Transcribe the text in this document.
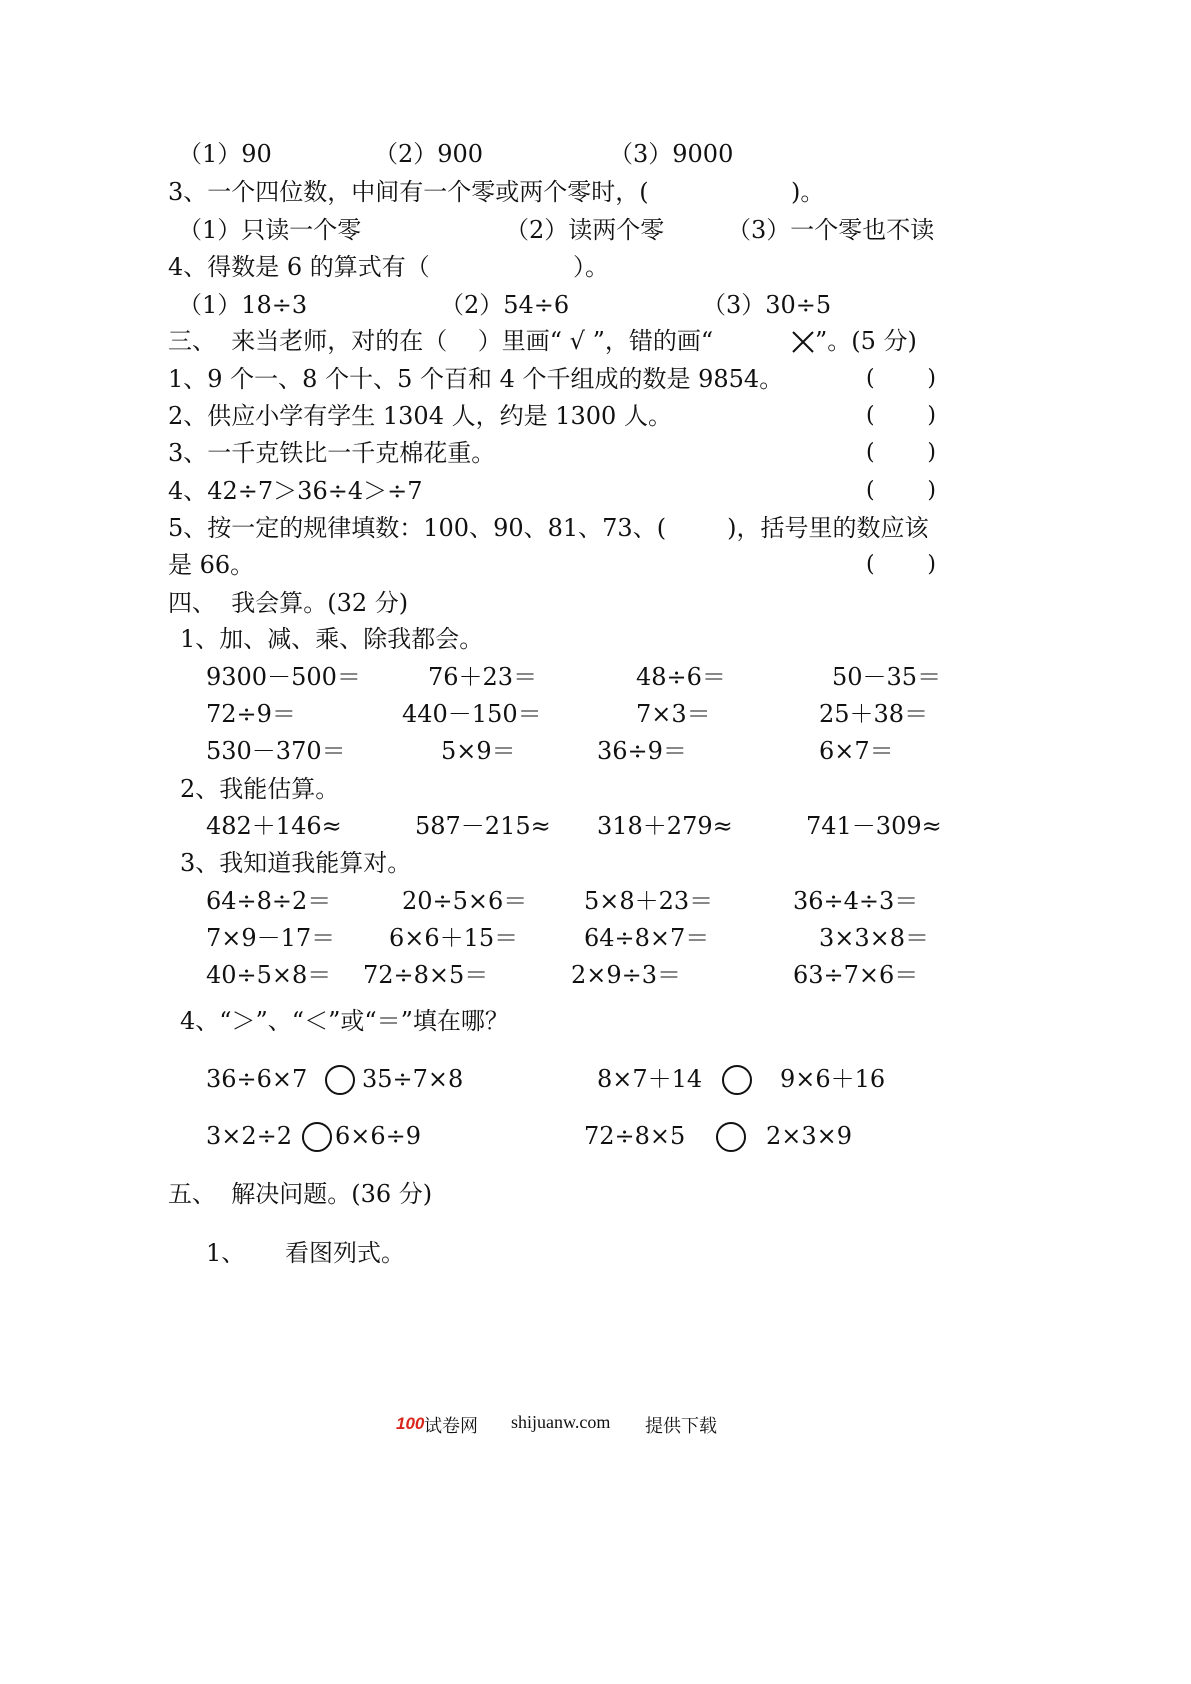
（1）90	（2）900	（3）9000
3、一个四位数，中间有一个零或两个零时，(	)。
（1）只读一个零	（2）读两个零	（3）一个零也不读
4、得数是 6 的算式有（	）。
（1）18÷3	（2）54÷6	（3）30÷5
三、  来当老师，对的在（    ）里画“ √ ”，错的画“	”。(5 分)
1、9 个一、8 个十、5 个百和 4 个千组成的数是 9854。	( )
2、供应小学有学生 1304 人，约是 1300 人。	( )
3、一千克铁比一千克棉花重。	( )
4、42÷7＞36÷4＞÷7	( )
5、按一定的规律填数：100、90、81、73、(        )，括号里的数应该
是 66。	( )
四、  我会算。(32 分)
1、加、减、乘、除我都会。
9300－500＝	76＋23＝	48÷6＝	50－35＝
72÷9＝	440－150＝	7×3＝	25＋38＝
530－370＝	5×9＝	36÷9＝	6×7＝
2、我能估算。
482＋146≈	587－215≈ 318＋279≈	741－309≈
3、我知道我能算对。
64÷8÷2＝	20÷5×6＝ 5×8＋23＝	36÷4÷3＝
7×9－17＝ 6×6＋15＝	64÷8×7＝	3×3×8＝
40÷5×8＝ 72÷8×5＝	2×9÷3＝	63÷7×6＝
4、“＞”、“＜”或“＝”填在哪？
36÷6×7 35÷7×8	8×7＋14	9×6＋16
3×2÷2 6×6÷9	72÷8×5	2×3×9
五、  解决问题。(36 分)
1、 看图列式。
100 试卷网 shijuanw.com 提供下载
